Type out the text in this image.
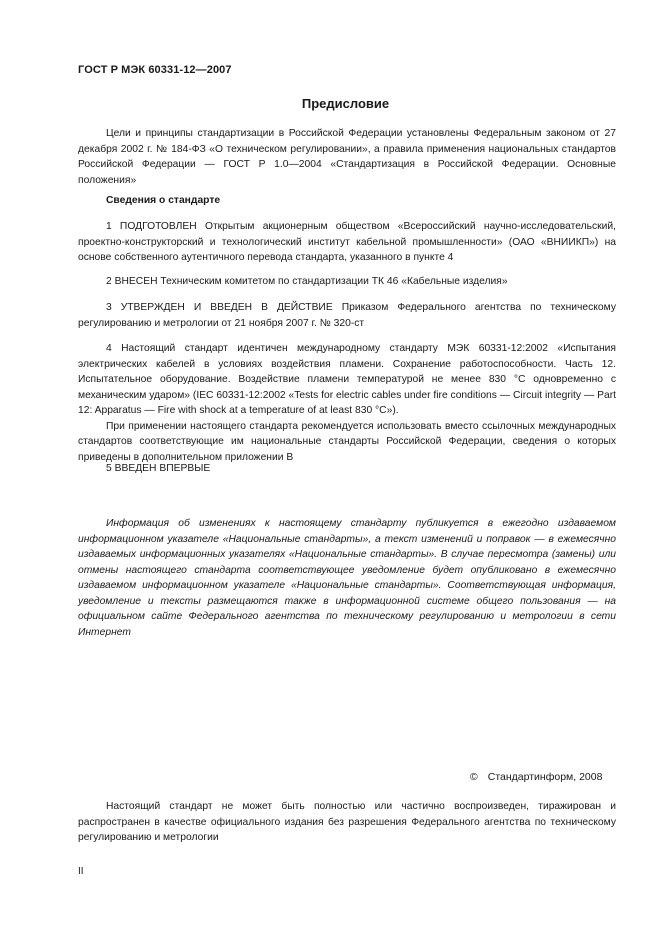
ГОСТ Р МЭК 60331-12—2007
Предисловие

Цели и принципы стандартизации в Российской Федерации установлены Федеральным законом от 27 декабря 2002 г. № 184-ФЗ «О техническом регулировании», а правила применения национальных стандартов Российской Федерации — ГОСТ Р 1.0—2004 «Стандартизация в Российской Федерации. Основные положения»

Сведения о стандарте

1 ПОДГОТОВЛЕН Открытым акционерным обществом «Всероссийский научно-исследовательский, проектно-конструкторский и технологический институт кабельной промышленности» (ОАО «ВНИИКП») на основе собственного аутентичного перевода стандарта, указанного в пункте 4

2 ВНЕСЕН Техническим комитетом по стандартизации ТК 46 «Кабельные изделия»

3 УТВЕРЖДЕН И ВВЕДЕН В ДЕЙСТВИЕ Приказом Федерального агентства по техническому регулированию и метрологии от 21 ноября 2007 г. № 320-ст

4 Настоящий стандарт идентичен международному стандарту МЭК 60331-12:2002 «Испытания электрических кабелей в условиях воздействия пламени. Сохранение работоспособности. Часть 12. Испытательное оборудование. Воздействие пламени температурой не менее 830 °С одновременно с механическим ударом» (IEC 60331-12:2002 «Tests for electric cables under fire conditions — Circuit integrity — Part 12: Apparatus — Fire with shock at a temperature of at least 830 °C»).

При применении настоящего стандарта рекомендуется использовать вместо ссылочных международных стандартов соответствующие им национальные стандарты Российской Федерации, сведения о которых приведены в дополнительном приложении В

5 ВВЕДЕН ВПЕРВЫЕ

Информация об изменениях к настоящему стандарту публикуется в ежегодно издаваемом информационном указателе «Национальные стандарты», а текст изменений и поправок — в ежемесячно издаваемых информационных указателях «Национальные стандарты». В случае пересмотра (замены) или отмены настоящего стандарта соответствующее уведомление будет опубликовано в ежемесячно издаваемом информационном указателе «Национальные стандарты». Соответствующая информация, уведомление и тексты размещаются также в информационной системе общего пользования — на официальном сайте Федерального агентства по техническому регулированию и метрологии в сети Интернет

© Стандартинформ, 2008

Настоящий стандарт не может быть полностью или частично воспроизведен, тиражирован и распространен в качестве официального издания без разрешения Федерального агентства по техническому регулированию и метрологии

II
